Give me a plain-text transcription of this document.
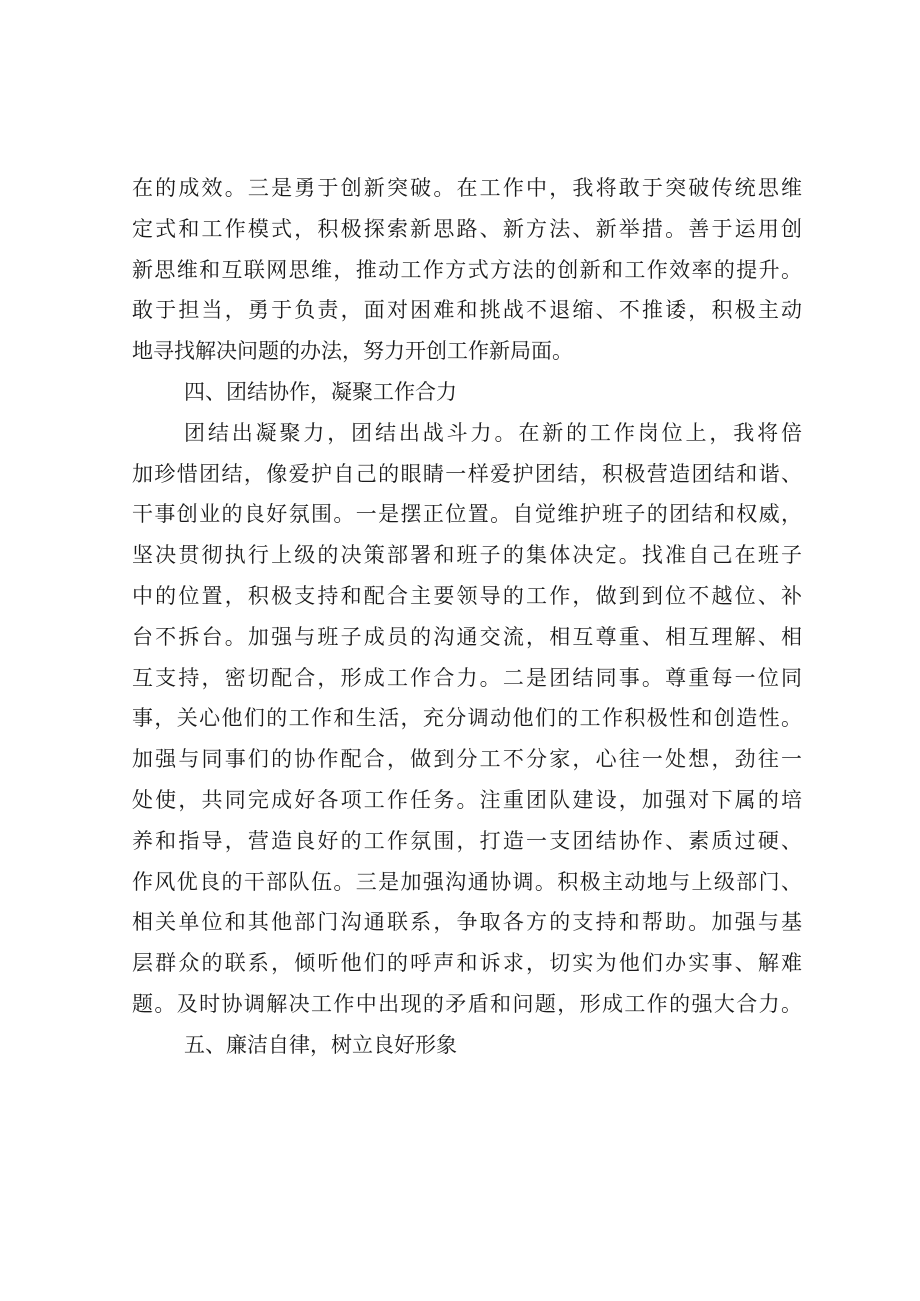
在的成效。三是勇于创新突破。在工作中，我将敢于突破传统思维
定式和工作模式，积极探索新思路、新方法、新举措。善于运用创
新思维和互联网思维，推动工作方式方法的创新和工作效率的提升。
敢于担当，勇于负责，面对困难和挑战不退缩、不推诿，积极主动
地寻找解决问题的办法，努力开创工作新局面。
四、团结协作，凝聚工作合力
团结出凝聚力，团结出战斗力。在新的工作岗位上，我将倍
加珍惜团结，像爱护自己的眼睛一样爱护团结，积极营造团结和谐、
干事创业的良好氛围。一是摆正位置。自觉维护班子的团结和权威，
坚决贯彻执行上级的决策部署和班子的集体决定。找准自己在班子
中的位置，积极支持和配合主要领导的工作，做到到位不越位、补
台不拆台。加强与班子成员的沟通交流，相互尊重、相互理解、相
互支持，密切配合，形成工作合力。二是团结同事。尊重每一位同
事，关心他们的工作和生活，充分调动他们的工作积极性和创造性。
加强与同事们的协作配合，做到分工不分家，心往一处想，劲往一
处使，共同完成好各项工作任务。注重团队建设，加强对下属的培
养和指导，营造良好的工作氛围，打造一支团结协作、素质过硬、
作风优良的干部队伍。三是加强沟通协调。积极主动地与上级部门、
相关单位和其他部门沟通联系，争取各方的支持和帮助。加强与基
层群众的联系，倾听他们的呼声和诉求，切实为他们办实事、解难
题。及时协调解决工作中出现的矛盾和问题，形成工作的强大合力。
五、廉洁自律，树立良好形象
